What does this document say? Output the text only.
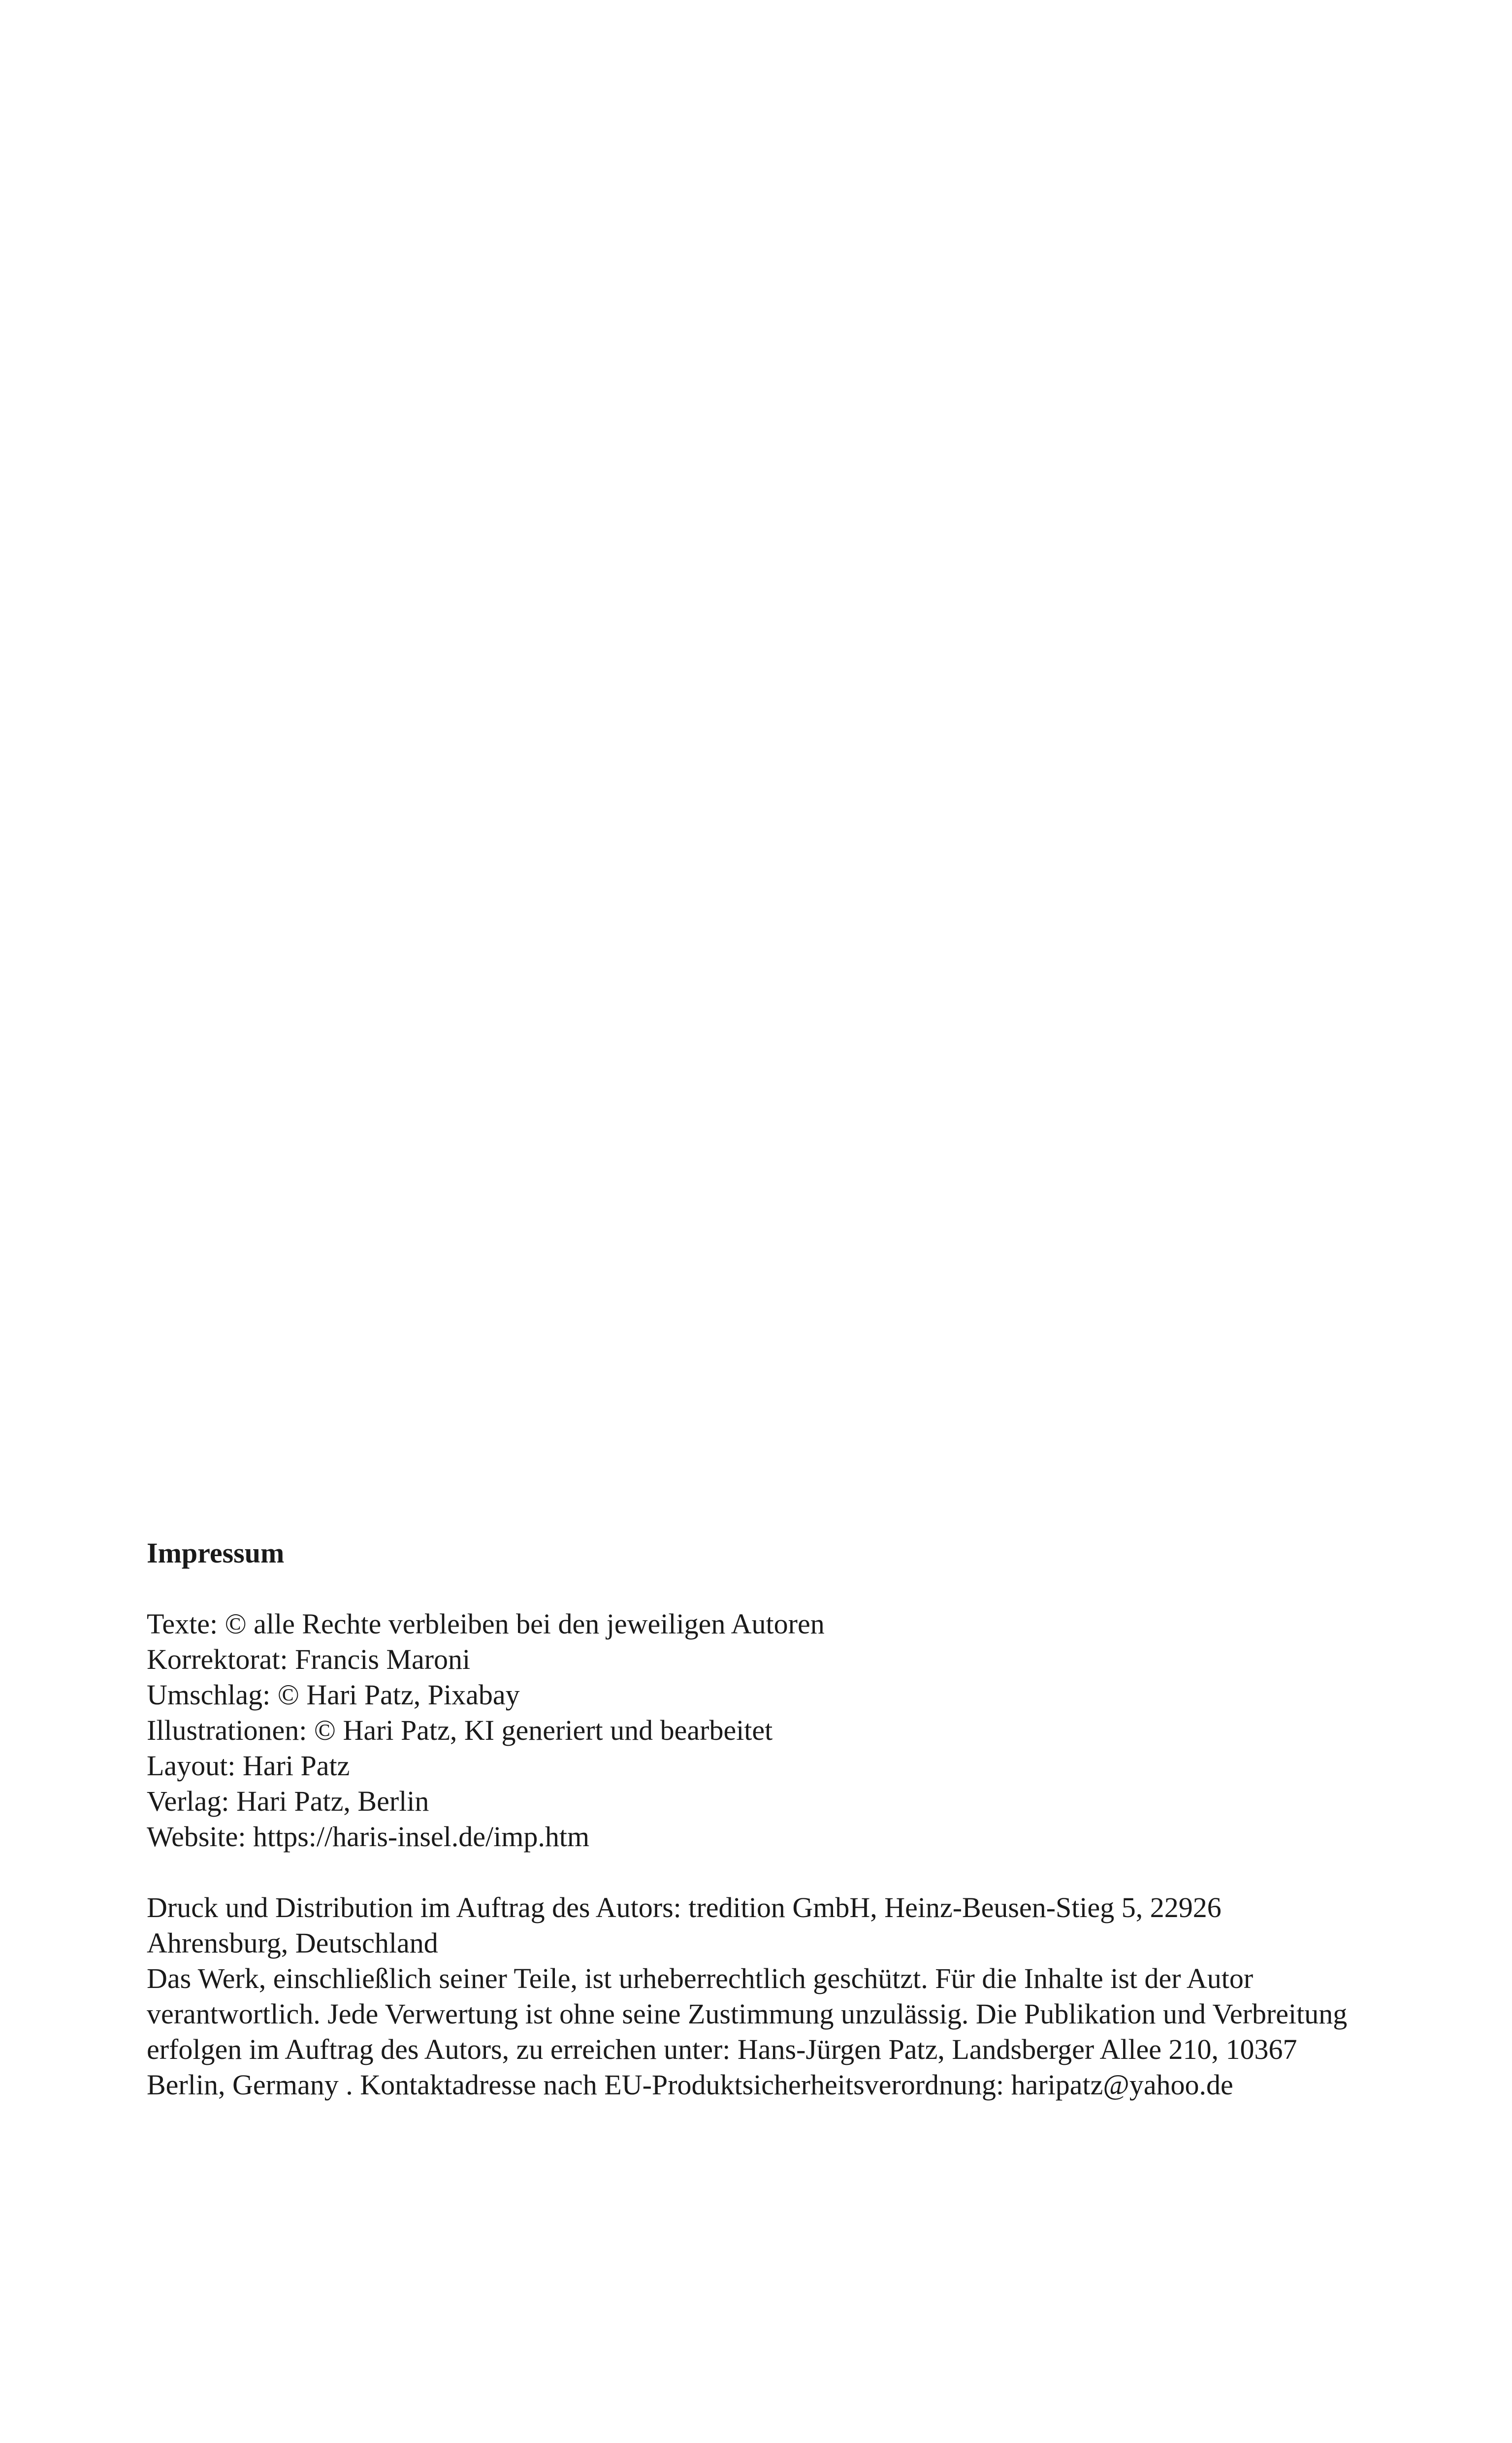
Impressum
Texte: © alle Rechte verbleiben bei den jeweiligen Autoren
Korrektorat: Francis Maroni
Umschlag: © Hari Patz, Pixabay
Illustrationen: © Hari Patz, KI generiert und bearbeitet
Layout: Hari Patz
Verlag: Hari Patz, Berlin
Website: https://haris-insel.de/imp.htm

Druck und Distribution im Auftrag des Autors: tredition GmbH, Heinz-Beusen-Stieg 5, 22926 Ahrensburg, Deutschland

Das Werk, einschließlich seiner Teile, ist urheberrechtlich geschützt. Für die Inhalte ist der Autor verantwortlich. Jede Verwertung ist ohne seine Zustimmung unzulässig. Die Publikation und Verbreitung erfolgen im Auftrag des Autors, zu erreichen unter: Hans-Jürgen Patz, Landsberger Allee 210, 10367 Berlin, Germany . Kontaktadresse nach EU-Produktsicherheitsverordnung: haripatz@yahoo.de
